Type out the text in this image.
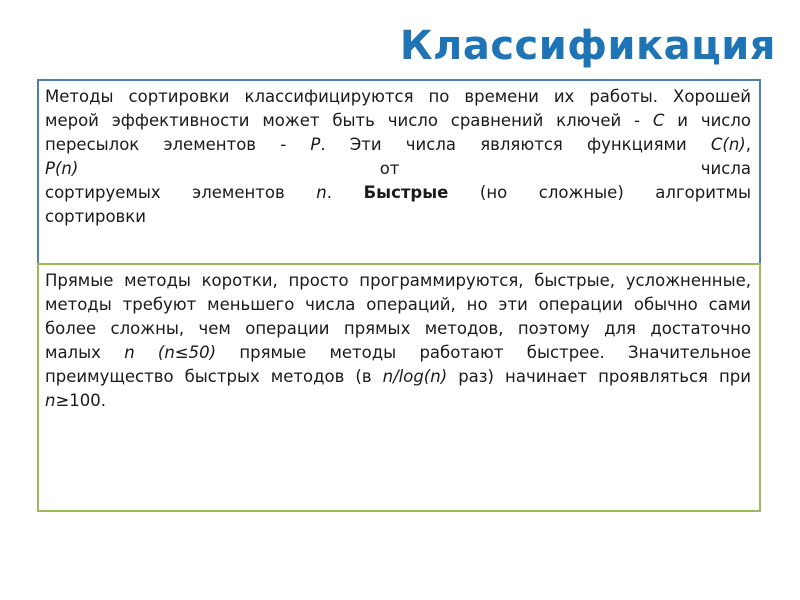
Классификация

Методы сортировки классифицируются по времени их работы. Хорошей

мерой эффективности может быть число сравнений ключей - C и число

пересылок элементов - P. Эти числа являются функциями C(n),

P(n)	от числа

сортируемых элементов n. Быстрые (но сложные) алгоритмы

сортировки

Прямые методы коротки, просто программируются, быстрые, усложненные,

методы требуют меньшего числа операций, но эти операции обычно сами

более сложны, чем операции прямых методов, поэтому для достаточно

малых n (n≤50) прямые методы работают быстрее. Значительное

преимущество быстрых методов (в n/log(n) раз) начинает проявляться при

n≥100.
